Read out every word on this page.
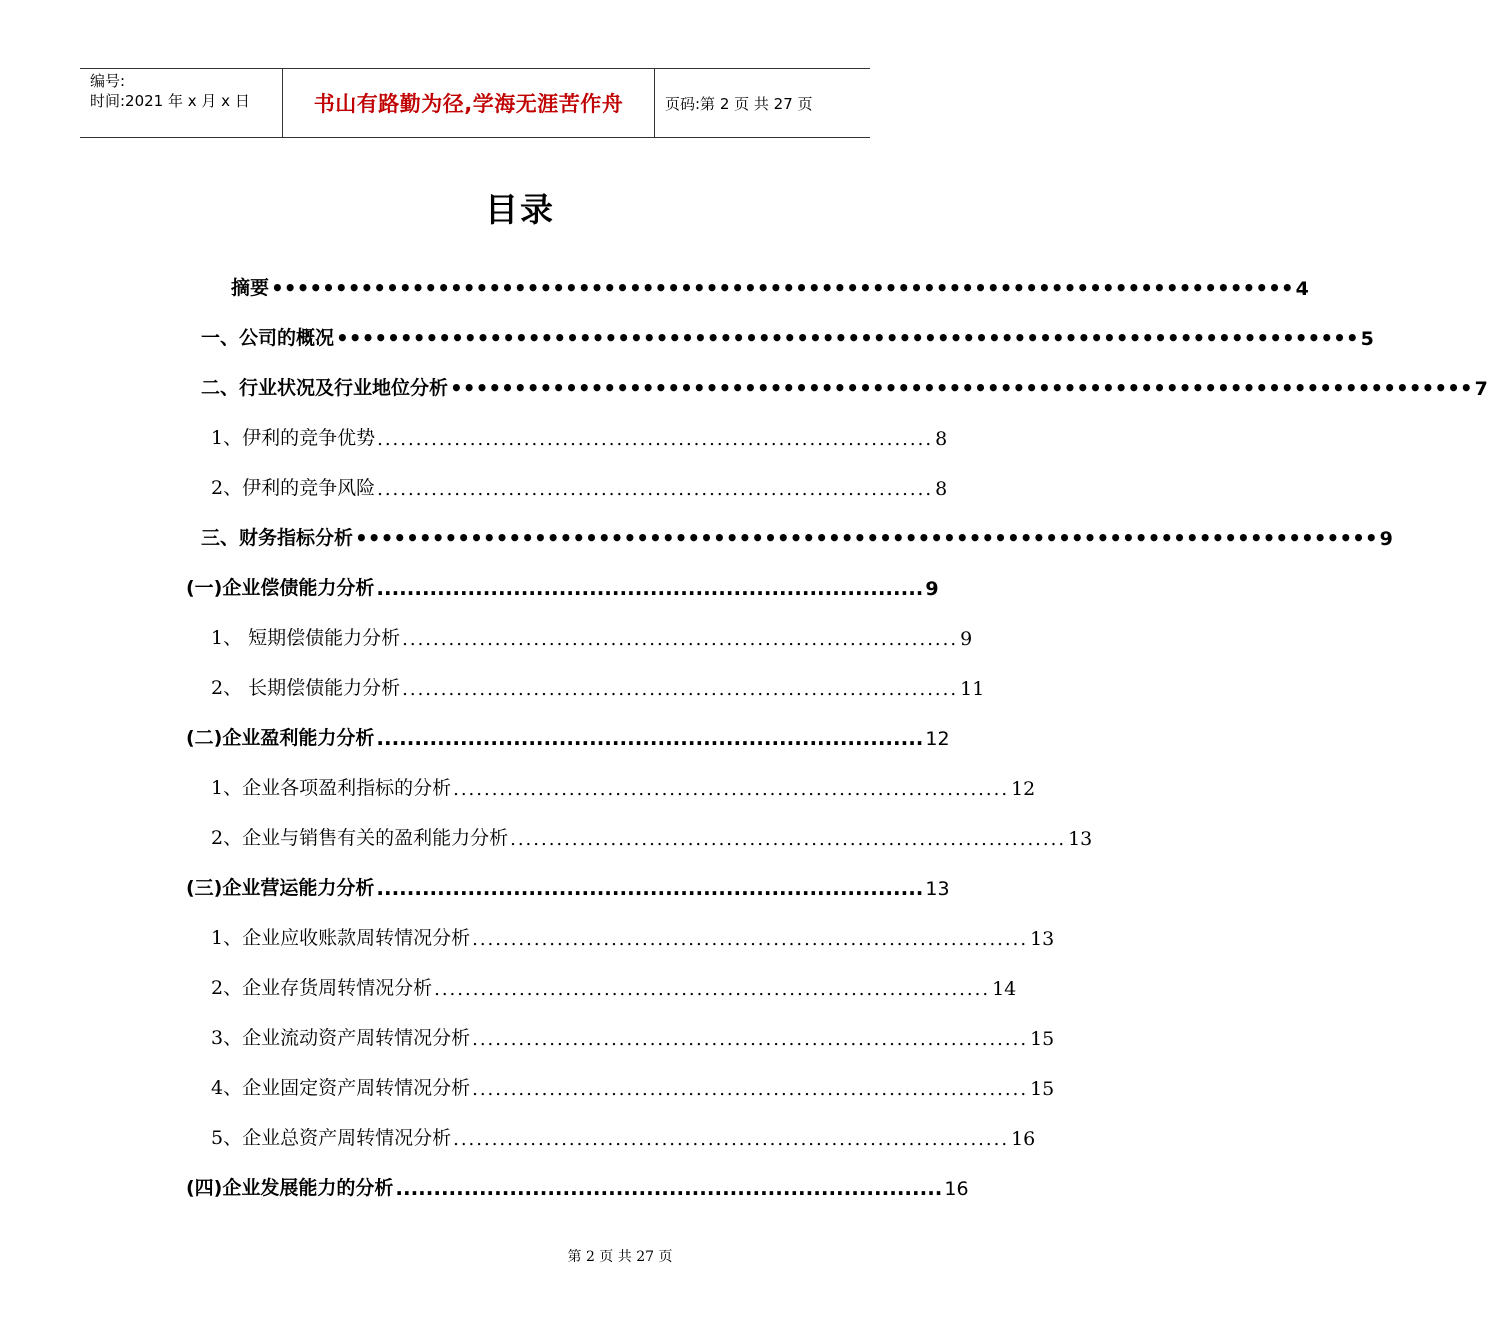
编号:
时间:2021 年 x 月 x 日	书山有路勤为径,学海无涯苦作舟	页码:第 2 页 共 27 页
目录
摘要 •••••••••••••••••••••••••••••••••••••••••••••••••••••••••••••••••••••••••••••••• 4
一、公司的概况 •••••••••••••••••••••••••••••••••••••••••••••••••••••••••••••••••••••••••••••••• 5
二、行业状况及行业地位分析 •••••••••••••••••••••••••••••••••••••••••••••••••••••••••••••••••••••••••••••••• 7
1、伊利的竞争优势 ........................................................................ 8
2、伊利的竞争风险 ........................................................................ 8
三、财务指标分析 •••••••••••••••••••••••••••••••••••••••••••••••••••••••••••••••••••••••••••••••• 9
(一)企业偿债能力分析 ........................................................................ 9
1、 短期偿债能力分析 ........................................................................ 9
2、 长期偿债能力分析 ........................................................................ 11
(二)企业盈利能力分析 ........................................................................ 12
1、企业各项盈利指标的分析 ........................................................................ 12
2、企业与销售有关的盈利能力分析 ........................................................................ 13
(三)企业营运能力分析 ........................................................................ 13
1、企业应收账款周转情况分析 ........................................................................ 13
2、企业存货周转情况分析 ........................................................................ 14
3、企业流动资产周转情况分析 ........................................................................ 15
4、企业固定资产周转情况分析 ........................................................................ 15
5、企业总资产周转情况分析 ........................................................................ 16
(四)企业发展能力的分析 ........................................................................ 16
第 2 页 共 27 页
